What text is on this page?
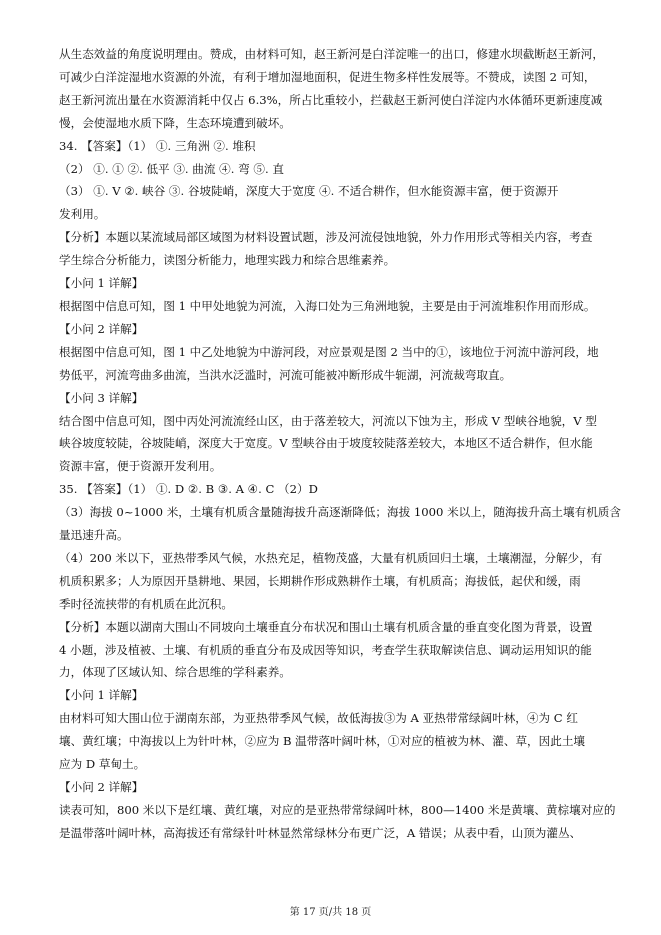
从生态效益的角度说明理由。赞成，由材料可知，赵王新河是白洋淀唯一的出口，修建水坝截断赵王新河，

可减少白洋淀湿地水资源的外流，有利于增加湿地面积，促进生物多样性发展等。不赞成，读图 2 可知，

赵王新河流出量在水资源消耗中仅占 6.3%，所占比重较小，拦截赵王新河使白洋淀内水体循环更新速度减

慢，会使湿地水质下降，生态环境遭到破坏。

34. 【答案】（1） ①. 三角洲 ②. 堆积

（2） ①. ① ②. 低平 ③. 曲流 ④. 弯 ⑤. 直

（3） ①. V ②. 峡谷 ③. 谷坡陡峭，深度大于宽度 ④. 不适合耕作，但水能资源丰富，便于资源开

发利用。

【分析】本题以某流域局部区域图为材料设置试题，涉及河流侵蚀地貌，外力作用形式等相关内容，考查

学生综合分析能力，读图分析能力，地理实践力和综合思维素养。

【小问 1 详解】

根据图中信息可知，图 1 中甲处地貌为河流，入海口处为三角洲地貌，主要是由于河流堆积作用而形成。

【小问 2 详解】

根据图中信息可知，图 1 中乙处地貌为中游河段，对应景观是图 2 当中的①，该地位于河流中游河段，地

势低平，河流弯曲多曲流，当洪水泛滥时，河流可能被冲断形成牛轭湖，河流裁弯取直。

【小问 3 详解】

结合图中信息可知，图中丙处河流流经山区，由于落差较大，河流以下蚀为主，形成 V 型峡谷地貌，V 型

峡谷坡度较陡，谷坡陡峭，深度大于宽度。V 型峡谷由于坡度较陡落差较大，本地区不适合耕作，但水能

资源丰富，便于资源开发利用。

35. 【答案】（1） ①. D ②. B ③. A ④. C （2）D

（3）海拔 0~1000 米，土壤有机质含量随海拔升高逐渐降低；海拔 1000 米以上，随海拔升高土壤有机质含

量迅速升高。

（4）200 米以下，亚热带季风气候，水热充足，植物茂盛，大量有机质回归土壤，土壤潮湿，分解少，有

机质积累多；人为原因开垦耕地、果园，长期耕作形成熟耕作土壤，有机质高；海拔低，起伏和缓，雨

季时径流挟带的有机质在此沉积。

【分析】本题以湖南大围山不同坡向土壤垂直分布状况和围山土壤有机质含量的垂直变化图为背景，设置

4 小题，涉及植被、土壤、有机质的垂直分布及成因等知识，考查学生获取解读信息、调动运用知识的能

力，体现了区域认知、综合思维的学科素养。

【小问 1 详解】

由材料可知大围山位于湖南东部，为亚热带季风气候，故低海拔③为 A 亚热带常绿阔叶林，④为 C 红

壤、黄红壤；中海拔以上为针叶林，②应为 B 温带落叶阔叶林，①对应的植被为林、灌、草，因此土壤

应为 D 草甸土。

【小问 2 详解】

读表可知，800 米以下是红壤、黄红壤，对应的是亚热带常绿阔叶林，800—1400 米是黄壤、黄棕壤对应的

是温带落叶阔叶林，高海拔还有常绿针叶林显然常绿林分布更广泛，A 错误；从表中看，山顶为灌丛、

第 17 页/共 18 页
